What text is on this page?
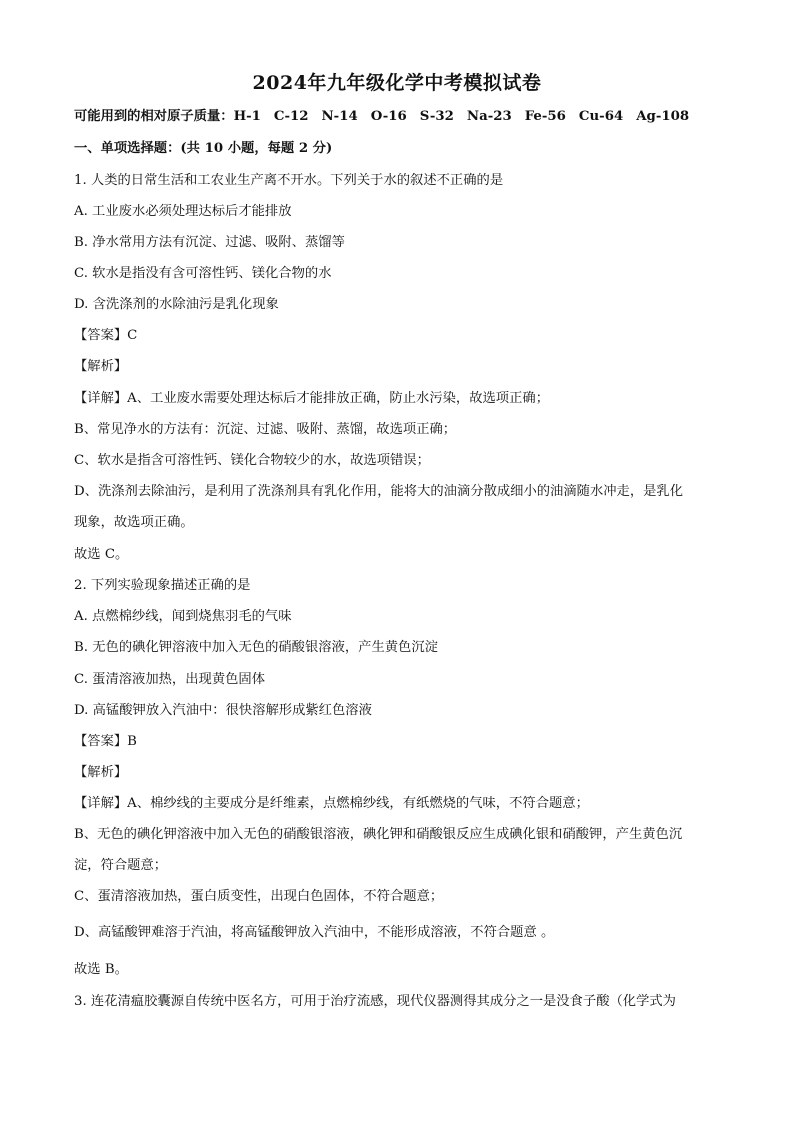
2024年九年级化学中考模拟试卷
可能用到的相对原子质量：H-1 C-12 N-14 O-16 S-32 Na-23 Fe-56 Cu-64 Ag-108
一、单项选择题：(共 10 小题，每题 2 分)
1. 人类的日常生活和工农业生产离不开水。下列关于水的叙述不正确的是
A. 工业废水必须处理达标后才能排放
B. 净水常用方法有沉淀、过滤、吸附、蒸馏等
C. 软水是指没有含可溶性钙、镁化合物的水
D. 含洗涤剂的水除油污是乳化现象
【答案】C
【解析】
【详解】A、工业废水需要处理达标后才能排放正确，防止水污染，故选项正确；
B、常见净水的方法有：沉淀、过滤、吸附、蒸馏，故选项正确；
C、软水是指含可溶性钙、镁化合物较少的水，故选项错误；
D、洗涤剂去除油污，是利用了洗涤剂具有乳化作用，能将大的油滴分散成细小的油滴随水冲走，是乳化
现象，故选项正确。
故选 C。
2. 下列实验现象描述正确的是
A. 点燃棉纱线，闻到烧焦羽毛的气味
B. 无色的碘化钾溶液中加入无色的硝酸银溶液，产生黄色沉淀
C. 蛋清溶液加热，出现黄色固体
D. 高锰酸钾放入汽油中：很快溶解形成紫红色溶液
【答案】B
【解析】
【详解】A、棉纱线的主要成分是纤维素，点燃棉纱线，有纸燃烧的气味，不符合题意；
B、无色的碘化钾溶液中加入无色的硝酸银溶液，碘化钾和硝酸银反应生成碘化银和硝酸钾，产生黄色沉
淀，符合题意；
C、蛋清溶液加热，蛋白质变性，出现白色固体，不符合题意；
D、高锰酸钾难溶于汽油，将高锰酸钾放入汽油中，不能形成溶液，不符合题意 。
故选 B。
3. 连花清瘟胶囊源自传统中医名方，可用于治疗流感，现代仪器测得其成分之一是没食子酸（化学式为
